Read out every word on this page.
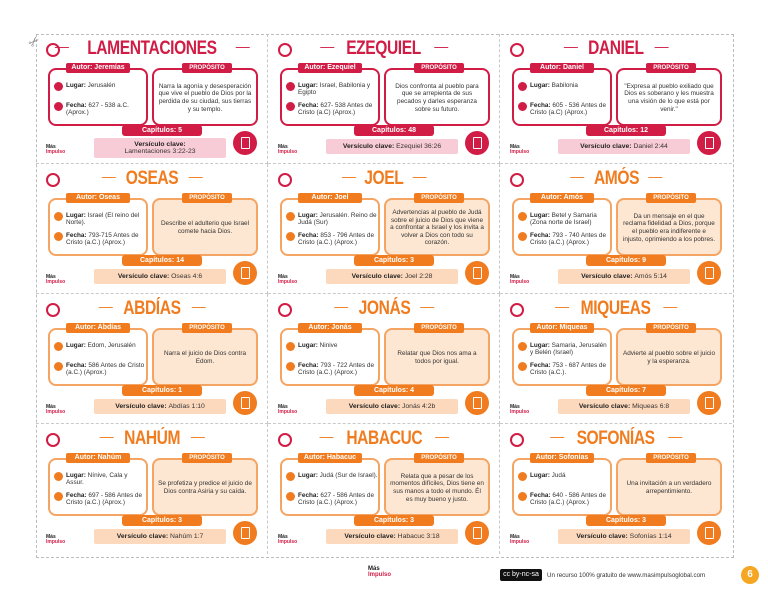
✂ — LAMENTACIONES —
Lugar: Jerusalén
Fecha: 627 - 538 a.C. (Aprox.)
Autor: Jeremías
Narra la agonía y desesperación que vive el pueblo de Dios por la perdida de su ciudad, sus tierras y su templo.
PROPÓSITO
Capítulos: 5
Versículo clave:
Lamentaciones 3:22-23
Más
Impulso
— EZEQUIEL —
Lugar: Israel, Babilonia y Egipto
Fecha: 627- 538 Antes de Cristo (a.C) (Aprox.)
Autor: Ezequiel
Dios confronta al pueblo para que se arrepienta de sus pecados y darles esperanza sobre su futuro.
PROPÓSITO
Capítulos: 48
Versículo clave:
Ezequiel 36:26
Más
Impulso
— DANIEL —
Lugar: Babilonia
Fecha: 605 - 536 Antes de Cristo (a.C) (Aprox.)
Autor: Daniel
"Expresa al pueblo exiliado que Dios es soberano y les muestra una visión de lo que está por venir."
PROPÓSITO
Capítulos: 12
Versículo clave:
Daniel 2:44
Más
Impulso
— OSEAS —
Lugar: Israel (El reino del Norte).
Fecha: 793-715 Antes de Cristo (a.C.) (Aprox.)
Autor: Oseas
Describe el adulterio que Israel comete hacia Dios.
PROPÓSITO
Capítulos: 14
Versículo clave:
Oseas 4:6
Más
Impulso
— JOEL —
Lugar: Jerusalén. Reino de Judá (Sur)
Fecha: 853 - 796 Antes de Cristo (a.C.) (Aprox.)
Autor: Joel
Advertencias al pueblo de Judá sobre el juicio de Dios que viene a confrontar a Israel y los invita a volver a Dios con todo su corazón.
PROPÓSITO
Capítulos: 3
Versículo clave:
Joel 2:28
Más
Impulso
— AMÓS —
Lugar: Betel y Samaria (Zona norte de Israel)
Fecha: 793 - 740 Antes de Cristo (a.C.) (Aprox.)
Autor: Amós
Da un mensaje en el que reclama fidelidad a Dios, porque el pueblo era indiferente e injusto, oprimiendo a los pobres.
PROPÓSITO
Capítulos: 9
Versículo clave:
Amós 5:14
Más
Impulso
— ABDÍAS —
Lugar: Edom, Jerusalén
Fecha: 586 Antes de Cristo (a.C.) (Aprox.)
Autor: Abdías
Narra el juicio de Dios contra Edom.
PROPÓSITO
Capítulos: 1
Versículo clave:
Abdías 1:10
Más
Impulso
— JONÁS —
Lugar: Ninive
Fecha: 793 - 722 Antes de Cristo (a.C.) (Aprox.)
Autor: Jonás
Relatar que Dios nos ama a todos por igual.
PROPÓSITO
Capítulos: 4
Versículo clave:
Jonás 4:2b
Más
Impulso
— MIQUEAS —
Lugar: Samaria, Jerusalén y Belén (Israel)
Fecha: 753 - 687 Antes de Cristo (a.C.).
Autor: Miqueas
Advierte al pueblo sobre el juicio y la esperanza.
PROPÓSITO
Capítulos: 7
Versículo clave:
Miqueas 6:8
Más
Impulso
— NAHÚM —
Lugar: Nínive, Cala y Assur.
Fecha: 697 - 586 Antes de Cristo (a.C.) (Aprox.)
Autor: Nahúm
Se profetiza y predice el juicio de Dios contra Asiria y su caída.
PROPÓSITO
Capítulos: 3
Versículo clave:
Nahúm 1:7
Más
Impulso
— HABACUC —
Lugar: Judá (Sur de Israel).
Fecha: 627 - 586 Antes de Cristo (a.C.) (Aprox.)
Autor: Habacuc
Relata que a pesar de los momentos difíciles, Dios tiene en sus manos a todo el mundo. Él es muy bueno y justo.
PROPÓSITO
Capítulos: 3
Versículo clave:
Habacuc 3:18
Más
Impulso
— SOFONÍAS —
Lugar: Judá
Fecha: 640 - 586 Antes de Cristo (a.C.) (Aprox.)
Autor: Sofonías
Una invitación a un verdadero arrepentimiento.
PROPÓSITO
Capítulos: 3
Versículo clave:
Sofonías 1:14
Más
Impulso
Más
Impulso	cc by-nc-sa	Un recurso 100% gratuito de www.masimpulsoglobal.com	6
